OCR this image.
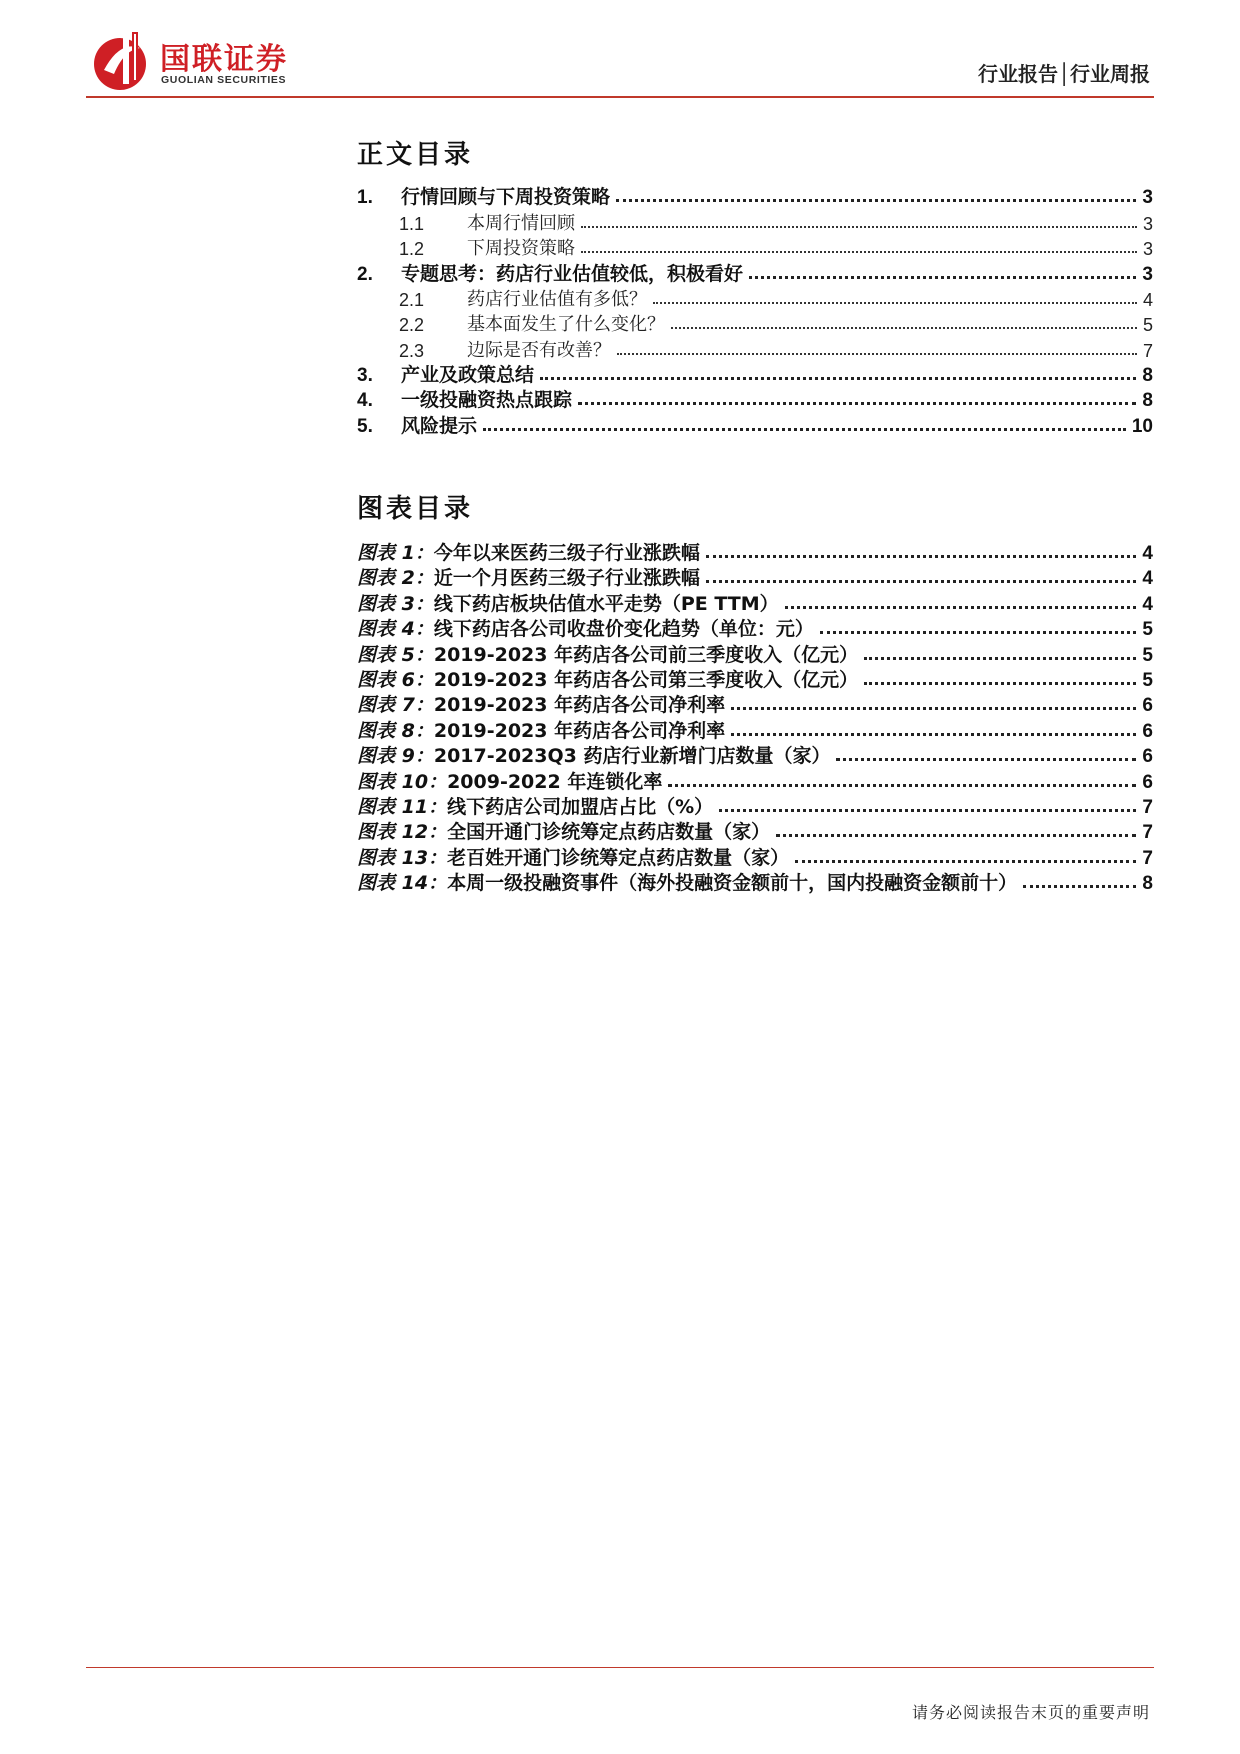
国联证券
GUOLIAN SECURITIES	行业报告│行业周报
正文目录
1.	行情回顾与下周投资策略	3
1.1	本周行情回顾	3
1.2	下周投资策略	3
2.	专题思考：药店行业估值较低，积极看好	3
2.1	药店行业估值有多低？	4
2.2	基本面发生了什么变化？	5
2.3	边际是否有改善？	7
3.	产业及政策总结	8
4.	一级投融资热点跟踪	8
5.	风险提示	10
图表目录
图表 1： 今年以来医药三级子行业涨跌幅	4
图表 2： 近一个月医药三级子行业涨跌幅	4
图表 3： 线下药店板块估值水平走势（PE TTM）	4
图表 4： 线下药店各公司收盘价变化趋势（单位：元）	5
图表 5： 2019-2023 年药店各公司前三季度收入（亿元）	5
图表 6： 2019-2023 年药店各公司第三季度收入（亿元）	5
图表 7： 2019-2023 年药店各公司净利率	6
图表 8： 2019-2023 年药店各公司净利率	6
图表 9： 2017-2023Q3 药店行业新增门店数量（家）	6
图表 10： 2009-2022 年连锁化率	6
图表 11： 线下药店公司加盟店占比（%）	7
图表 12： 全国开通门诊统筹定点药店数量（家）	7
图表 13： 老百姓开通门诊统筹定点药店数量（家）	7
图表 14： 本周一级投融资事件（海外投融资金额前十，国内投融资金额前十）	8
请务必阅读报告末页的重要声明
